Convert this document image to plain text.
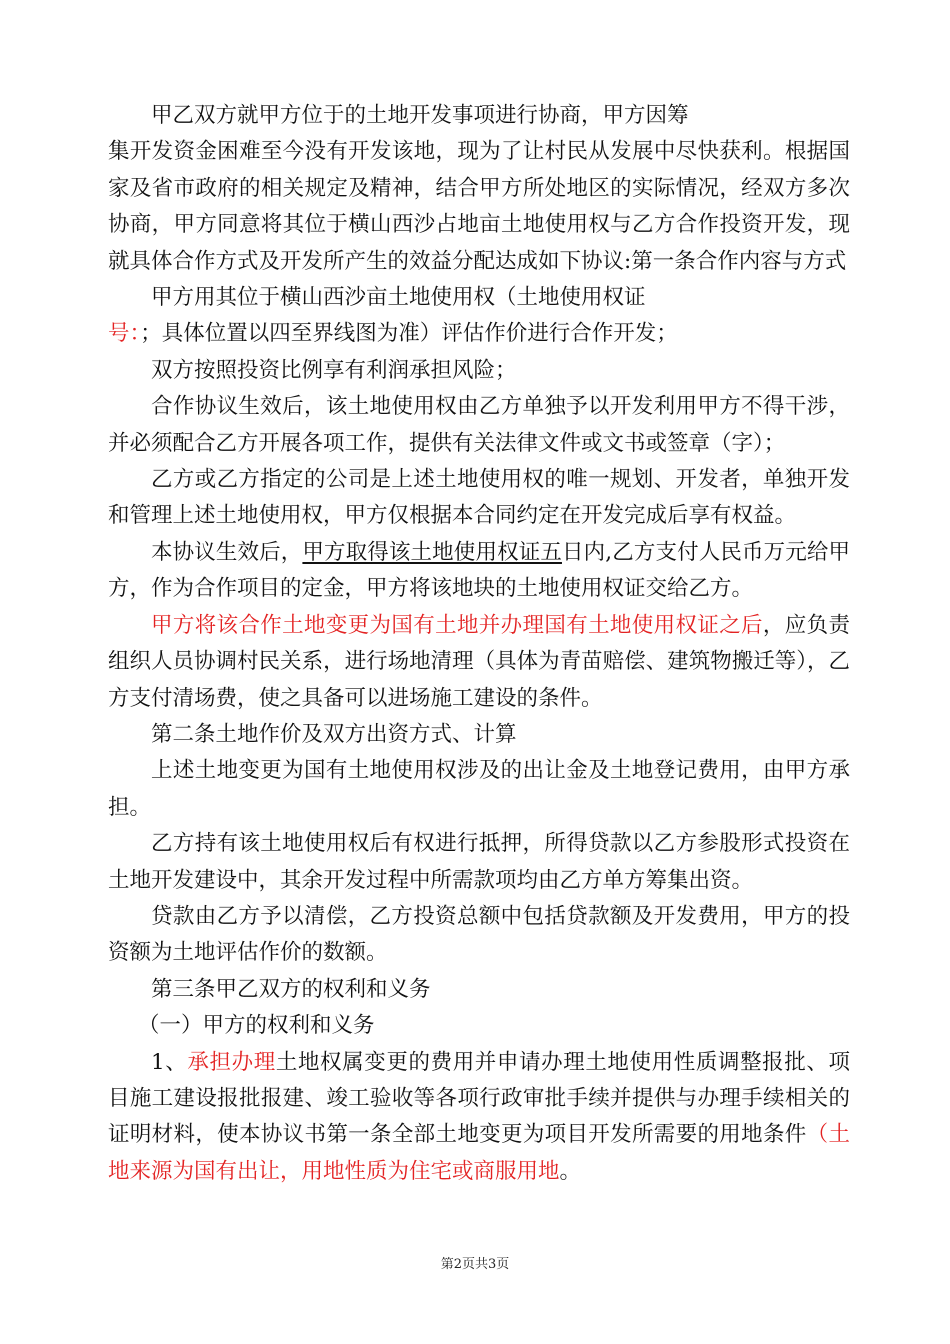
甲乙双方就甲方位于的土地开发事项进行协商，甲方因筹

集开发资金困难至今没有开发该地，现为了让村民从发展中尽快获利。根据国家及省市政府的相关规定及精神，结合甲方所处地区的实际情况，经双方多次协商，甲方同意将其位于横山西沙占地亩土地使用权与乙方合作投资开发，现就具体合作方式及开发所产生的效益分配达成如下协议:第一条合作内容与方式

甲方用其位于横山西沙亩土地使用权（土地使用权证

号：；具体位置以四至界线图为准）评估作价进行合作开发；

双方按照投资比例享有利润承担风险；

合作协议生效后，该土地使用权由乙方单独予以开发利用甲方不得干涉，并必须配合乙方开展各项工作，提供有关法律文件或文书或签章（字）；

乙方或乙方指定的公司是上述土地使用权的唯一规划、开发者，单独开发和管理上述土地使用权，甲方仅根据本合同约定在开发完成后享有权益。

本协议生效后，甲方取得该土地使用权证五日内,乙方支付人民币万元给甲方，作为合作项目的定金，甲方将该地块的土地使用权证交给乙方。

甲方将该合作土地变更为国有土地并办理国有土地使用权证之后，应负责组织人员协调村民关系，进行场地清理（具体为青苗赔偿、建筑物搬迁等），乙方支付清场费，使之具备可以进场施工建设的条件。

第二条土地作价及双方出资方式、计算

上述土地变更为国有土地使用权涉及的出让金及土地登记费用，由甲方承担。

乙方持有该土地使用权后有权进行抵押，所得贷款以乙方参股形式投资在土地开发建设中，其余开发过程中所需款项均由乙方单方筹集出资。

贷款由乙方予以清偿，乙方投资总额中包括贷款额及开发费用，甲方的投资额为土地评估作价的数额。

第三条甲乙双方的权利和义务

（一）甲方的权利和义务

1、承担办理土地权属变更的费用并申请办理土地使用性质调整报批、项目施工建设报批报建、竣工验收等各项行政审批手续并提供与办理手续相关的证明材料，使本协议书第一条全部土地变更为项目开发所需要的用地条件（土地来源为国有出让，用地性质为住宅或商服用地。

第2页共3页
